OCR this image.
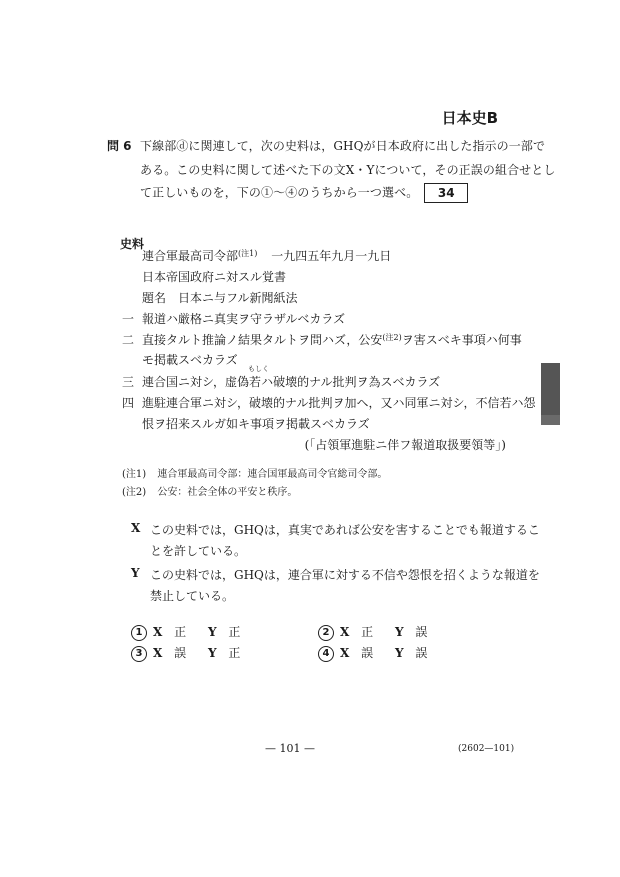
日本史B
問 6 下線部ⓓに関連して，次の史料は，GHQが日本政府に出した指示の一部で
ある。この史料に関して述べた下の文X・Yについて，その正誤の組合せとし
て正しいものを，下の①～④のうちから一つ選べ。 34
史料
連合軍最高司令部$^{(注1)}$ 一九四五年九月一九日
日本帝国政府ニ対スル覚書
題名　日本ニ与フル新聞紙法
一 報道ハ厳格ニ真実ヲ守ラザルベカラズ
二 直接タルト推論ノ結果タルトヲ問ハズ，公安$^{(注2)}$ヲ害スベキ事項ハ何事
モ掲載スベカラズ
三 連合国ニ対シ，虚偽
もしく
若ハ破壊的ナル批判ヲ為スベカラズ
四 進駐連合軍ニ対シ，破壊的ナル批判ヲ加ヘ，又ハ同軍ニ対シ，不信若ハ怨
恨ヲ招来スルガ如キ事項ヲ掲載スベカラズ
(「占領軍進駐ニ伴フ報道取扱要領等」)
(注1) 連合軍最高司令部：連合国軍最高司令官総司令部。
(注2) 公安：社会全体の平安と秩序。
X この史料では，GHQは，真実であれば公安を害することでも報道するこ
とを許している。
Y この史料では，GHQは，連合軍に対する不信や怨恨を招くような報道を
禁止している。
1 X 正 Y 正	2 X 正 Y 誤
3 X 誤 Y 正	4 X 誤 Y 誤
— 101 —	(2602—101)
